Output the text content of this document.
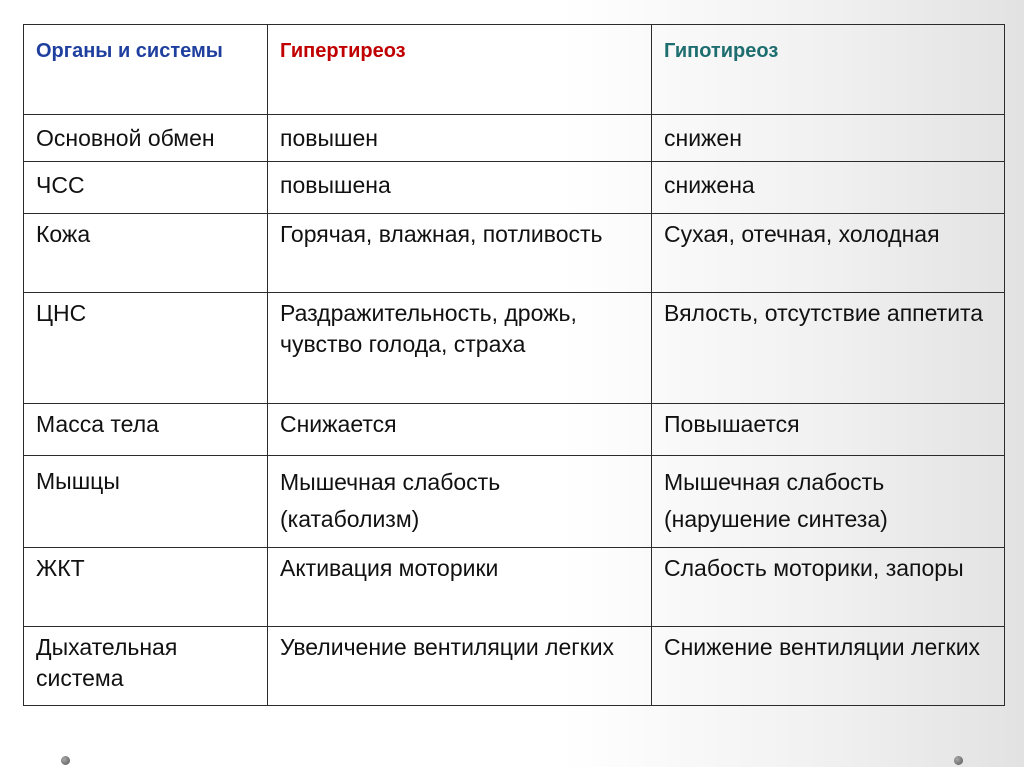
Органы и системы	Гипертиреоз	Гипотиреоз
Основной обмен	повышен	снижен
ЧСС	повышена	снижена
Кожа	Горячая, влажная, потливость	Сухая, отечная, холодная
ЦНС	Раздражительность, дрожь, чувство голода, страха	Вялость, отсутствие аппетита
Масса тела	Снижается	Повышается
Мышцы	Мышечная слабость (катаболизм)	Мышечная слабость (нарушение синтеза)
ЖКТ	Активация моторики	Слабость моторики, запоры
Дыхательная система	Увеличение вентиляции легких	Снижение вентиляции легких
